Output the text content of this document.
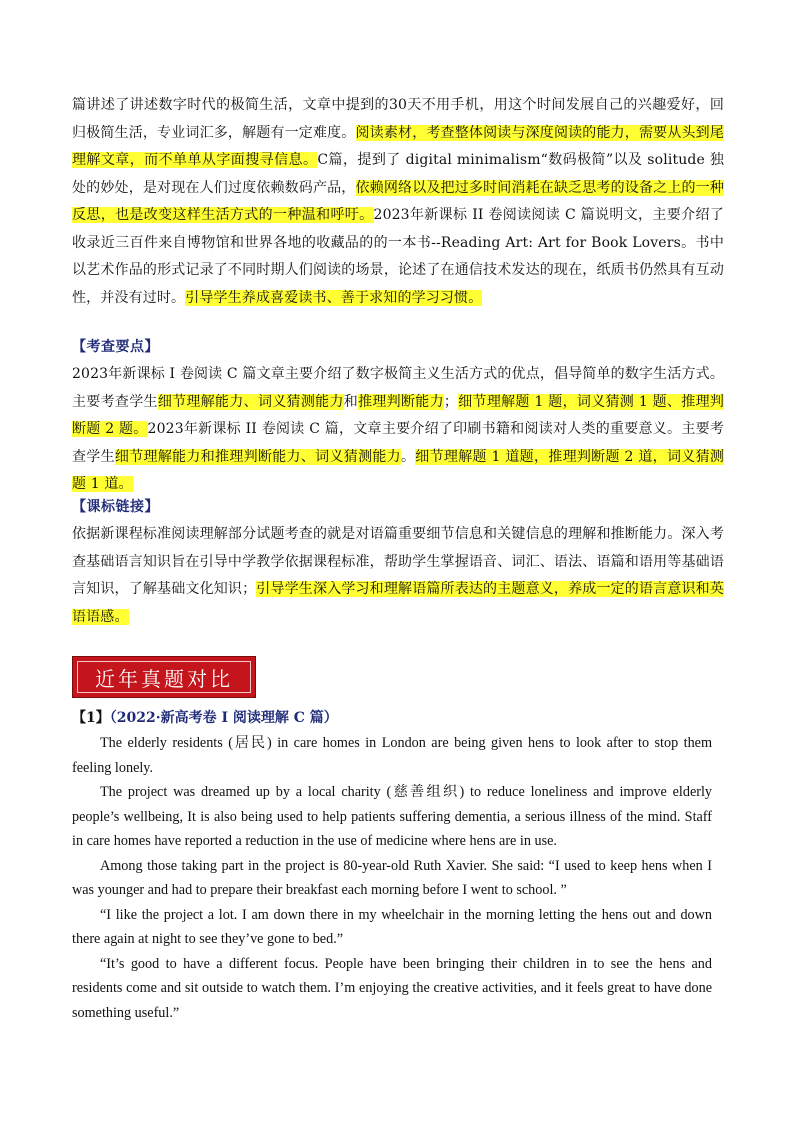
篇讲述了讲述数字时代的极简生活，文章中提到的30天不用手机，用这个时间发展自己的兴趣爱好，回归极简生活，专业词汇多，解题有一定难度。阅读素材，考查整体阅读与深度阅读的能力，需要从头到尾理解文章，而不单单从字面搜寻信息。C篇，提到了 digital minimalism“数码极简”以及 solitude 独处的妙处，是对现在人们过度依赖数码产品，依赖网络以及把过多时间消耗在缺乏思考的设备之上的一种反思，也是改变这样生活方式的一种温和呼吁。2023年新课标 II 卷阅读阅读 C 篇说明文，主要介绍了收录近三百件来自博物馆和世界各地的收藏品的的一本书--Reading Art: Art for Book Lovers。书中以艺术作品的形式记录了不同时期人们阅读的场景，论述了在通信技术发达的现在，纸质书仍然具有互动性，并没有过时。引导学生养成喜爱读书、善于求知的学习习惯。
【考查要点】
2023年新课标 I 卷阅读 C 篇文章主要介绍了数字极简主义生活方式的优点，倡导简单的数字生活方式。主要考查学生细节理解能力、词义猜测能力和推理判断能力；细节理解题 1 题，词义猜测 1 题、推理判断题 2 题。2023年新课标 II 卷阅读 C 篇，文章主要介绍了印刷书籍和阅读对人类的重要意义。主要考查学生细节理解能力和推理判断能力、词义猜测能力。细节理解题 1 道题，推理判断题 2 道，词义猜测题 1 道。
【课标链接】
依据新课程标准阅读理解部分试题考查的就是对语篇重要细节信息和关键信息的理解和推断能力。深入考查基础语言知识旨在引导中学教学依据课程标准，帮助学生掌握语音、词汇、语法、语篇和语用等基础语言知识，了解基础文化知识；引导学生深入学习和理解语篇所表达的主题意义，养成一定的语言意识和英语语感。
近年真题对比
【1】（2022·新高考卷 I 阅读理解 C 篇）

The elderly residents (居民) in care homes in London are being given hens to look after to stop them feeling lonely.

The project was dreamed up by a local charity (慈善组织) to reduce loneliness and improve elderly people’s wellbeing, It is also being used to help patients suffering dementia, a serious illness of the mind. Staff in care homes have reported a reduction in the use of medicine where hens are in use.

Among those taking part in the project is 80-year-old Ruth Xavier. She said: “I used to keep hens when I was younger and had to prepare their breakfast each morning before I went to school. ”

“I like the project a lot. I am down there in my wheelchair in the morning letting the hens out and down there again at night to see they’ve gone to bed.”

“It’s good to have a different focus. People have been bringing their children in to see the hens and residents come and sit outside to watch them. I’m enjoying the creative activities, and it feels great to have done something useful.”
